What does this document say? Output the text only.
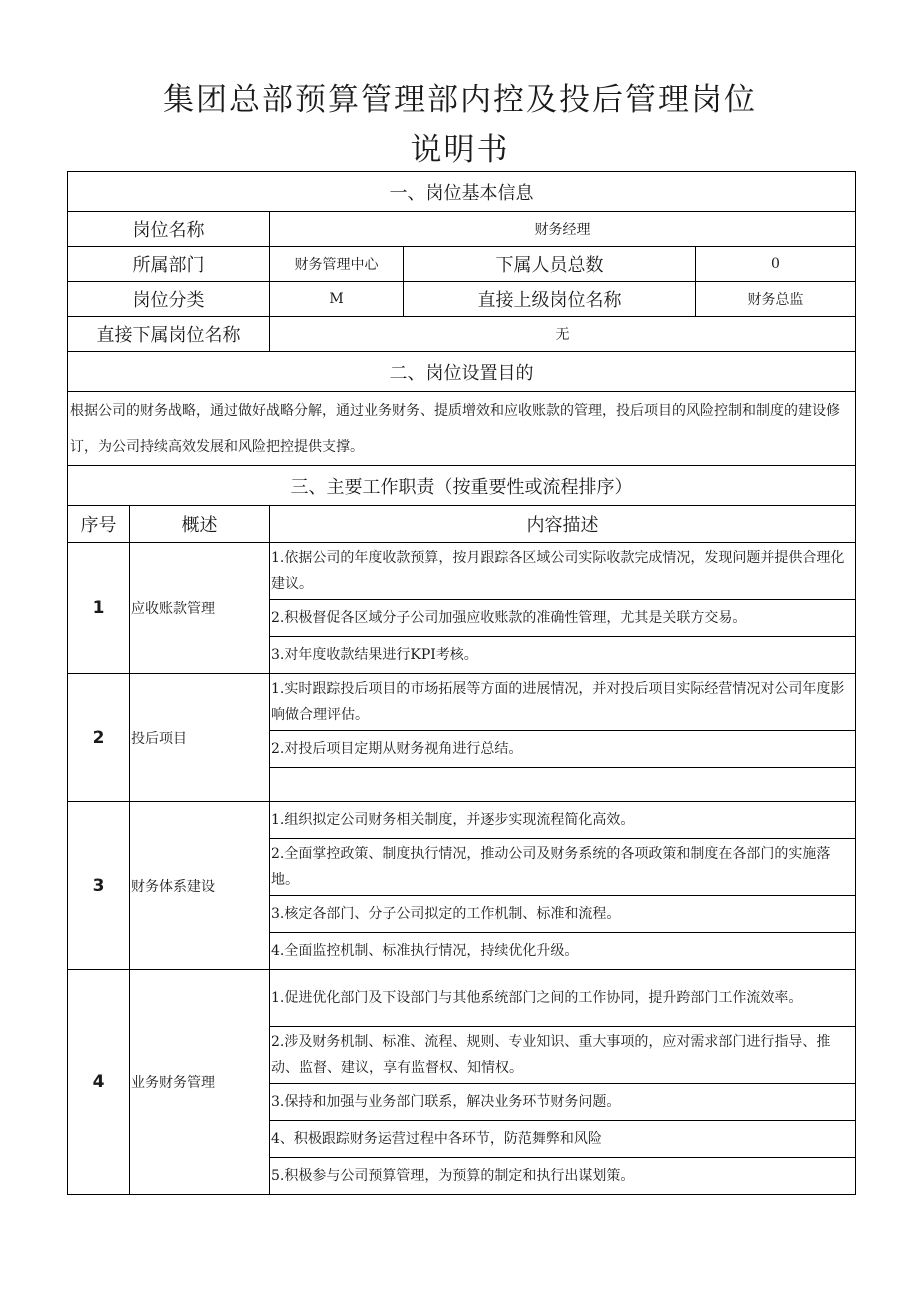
集团总部预算管理部内控及投后管理岗位
说明书
一、岗位基本信息				
岗位名称		财务经理		
所属部门		财务管理中心	下属人员总数	0
岗位分类		M	直接上级岗位名称	财务总监
直接下属岗位名称		无		
二、岗位设置目的				
根据公司的财务战略，通过做好战略分解，通过业务财务、提质增效和应收账款的管理，投后项目的风险控制和制度的建设修订，为公司持续高效发展和风险把控提供支撑。				
三、主要工作职责（按重要性或流程排序）				
序号	概述	内容描述		
1	应收账款管理	1.依据公司的年度收款预算，按月跟踪各区域公司实际收款完成情况，发现问题并提供合理化建议。		
		2.积极督促各区域分子公司加强应收账款的准确性管理，尤其是关联方交易。		
		3.对年度收款结果进行KPI考核。		
2	投后项目	1.实时跟踪投后项目的市场拓展等方面的进展情况，并对投后项目实际经营情况对公司年度影响做合理评估。		
		2.对投后项目定期从财务视角进行总结。		

3	财务体系建设	1.组织拟定公司财务相关制度，并逐步实现流程简化高效。		
		2.全面掌控政策、制度执行情况，推动公司及财务系统的各项政策和制度在各部门的实施落地。		
		3.核定各部门、分子公司拟定的工作机制、标准和流程。		
		4.全面监控机制、标准执行情况，持续优化升级。		
4	业务财务管理	1.促进优化部门及下设部门与其他系统部门之间的工作协同，提升跨部门工作流效率。		
		2.涉及财务机制、标准、流程、规则、专业知识、重大事项的，应对需求部门进行指导、推动、监督、建议，享有监督权、知情权。		
		3.保持和加强与业务部门联系，解决业务环节财务问题。		
		4、积极跟踪财务运营过程中各环节，防范舞弊和风险		
		5.积极参与公司预算管理，为预算的制定和执行出谋划策。		
